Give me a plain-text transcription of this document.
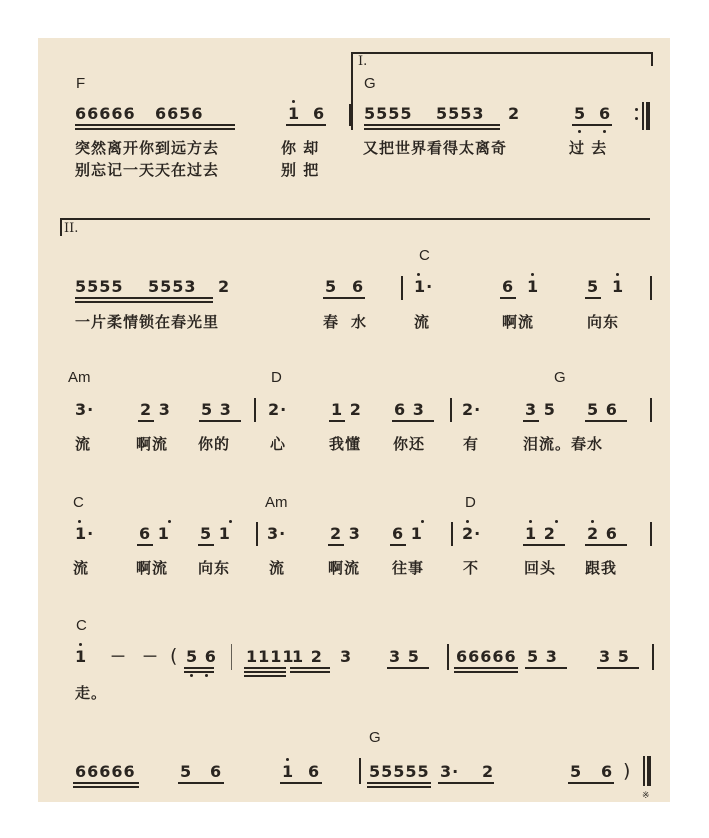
I.
F	G
66666 6656	1 6 5555 5553 2	5 6
突然离开你到远方去	你 却	又把世界看得太离奇	过 去
别忘记一天天在过去	别 把
II.
C
5555 5553 2	5 6	1·	6 1	5 1
一片柔情锁在春光里	春 水	流	啊流	向东
Am	D	G
3·	2 3 5 3 2·	1 2 6 3 2·	3 5 5 6
流	啊流 你的	心	我懂 你还	有	泪流。春水
C	Am	D
1·	6 1 5 1 3·	2 3 6 1 2·	1 2 2 6
流	啊流 向东	流	啊流 往事	不	回头 跟我
C
1 － － ( 5 6 1111
1 2 3 3 5 66666 5 3	3 5
走。
G
66666	5 6	1 6	55555 3· 2	5 6 )
※
